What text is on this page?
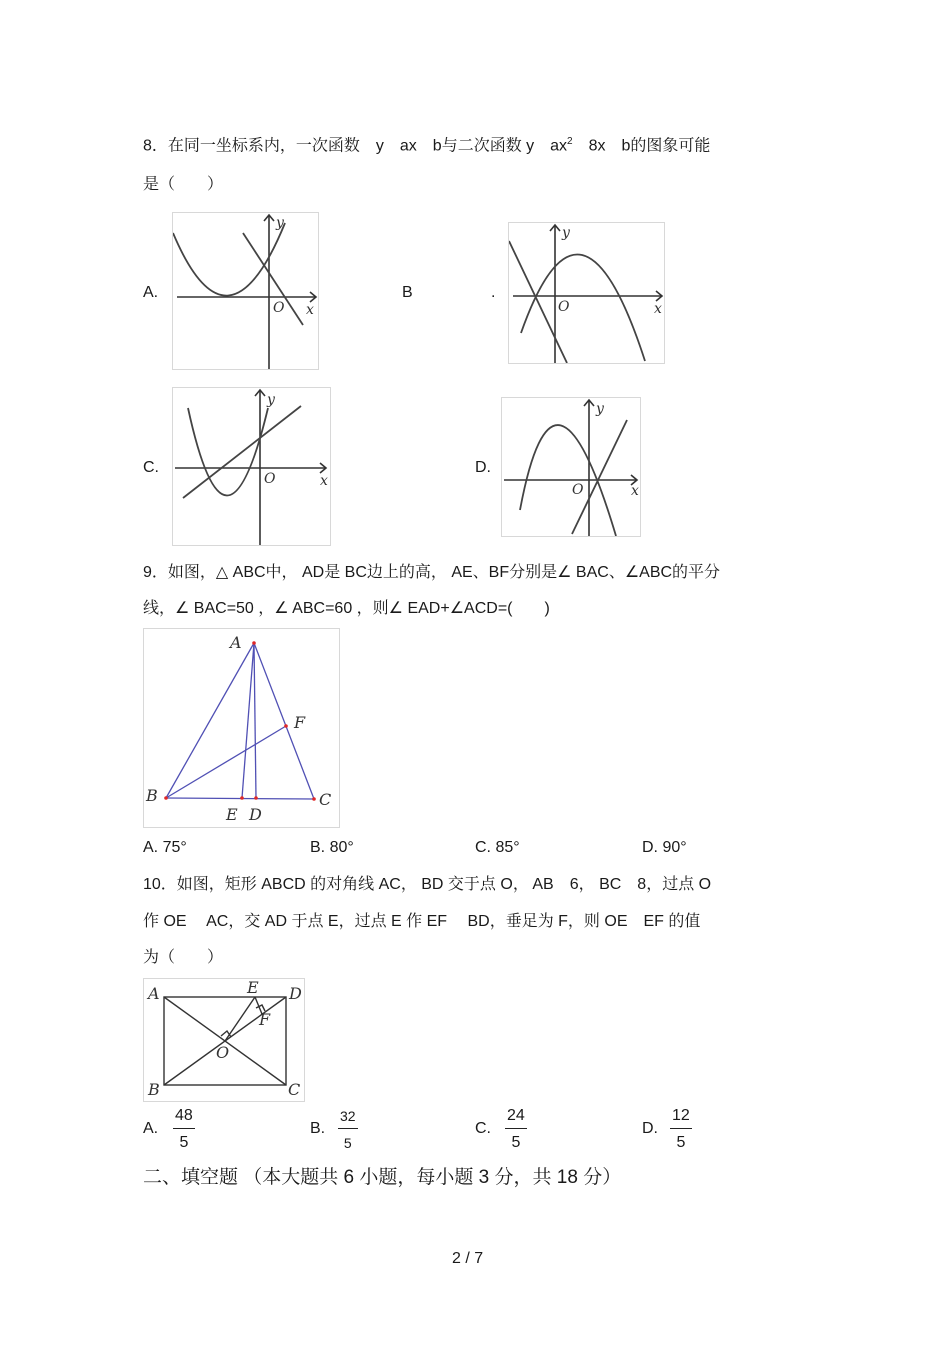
8．在同一坐标系内，一次函数　y　ax　b与二次函数 y　$ax^2$　8x　b的图象可能
是（　　）
A.
x
y
O
B	.
x
y
O
C.
x
y
O
D.
x
y
O
9．如图，△ ABC中， AD是 BC边上的高， AE、BF分别是∠ BAC、∠ABC的平分
线，∠ BAC=50 ，∠ ABC=60 ，则∠ EAD+∠ACD=(　　)
A
B	C
D
E
F
A. 75°	B. 80°	C. 85°	D. 90°
10．如图，矩形 ABCD 的对角线 AC， BD 交于点 O， AB　6， BC　8，过点 O
作 OE　 AC，交 AD 于点 E，过点 E 作 EF　 BD，垂足为 F，则 OE　EF 的值
为（　　）
A
B	C
D
E
F
O
A. $\frac{48}{5}$	B. $\frac{32}{5}$	C. $\frac{24}{5}$	D. $\frac{12}{5}$
二、填空题 （本大题共 6 小题，每小题 3 分，共 18 分）
2 / 7
